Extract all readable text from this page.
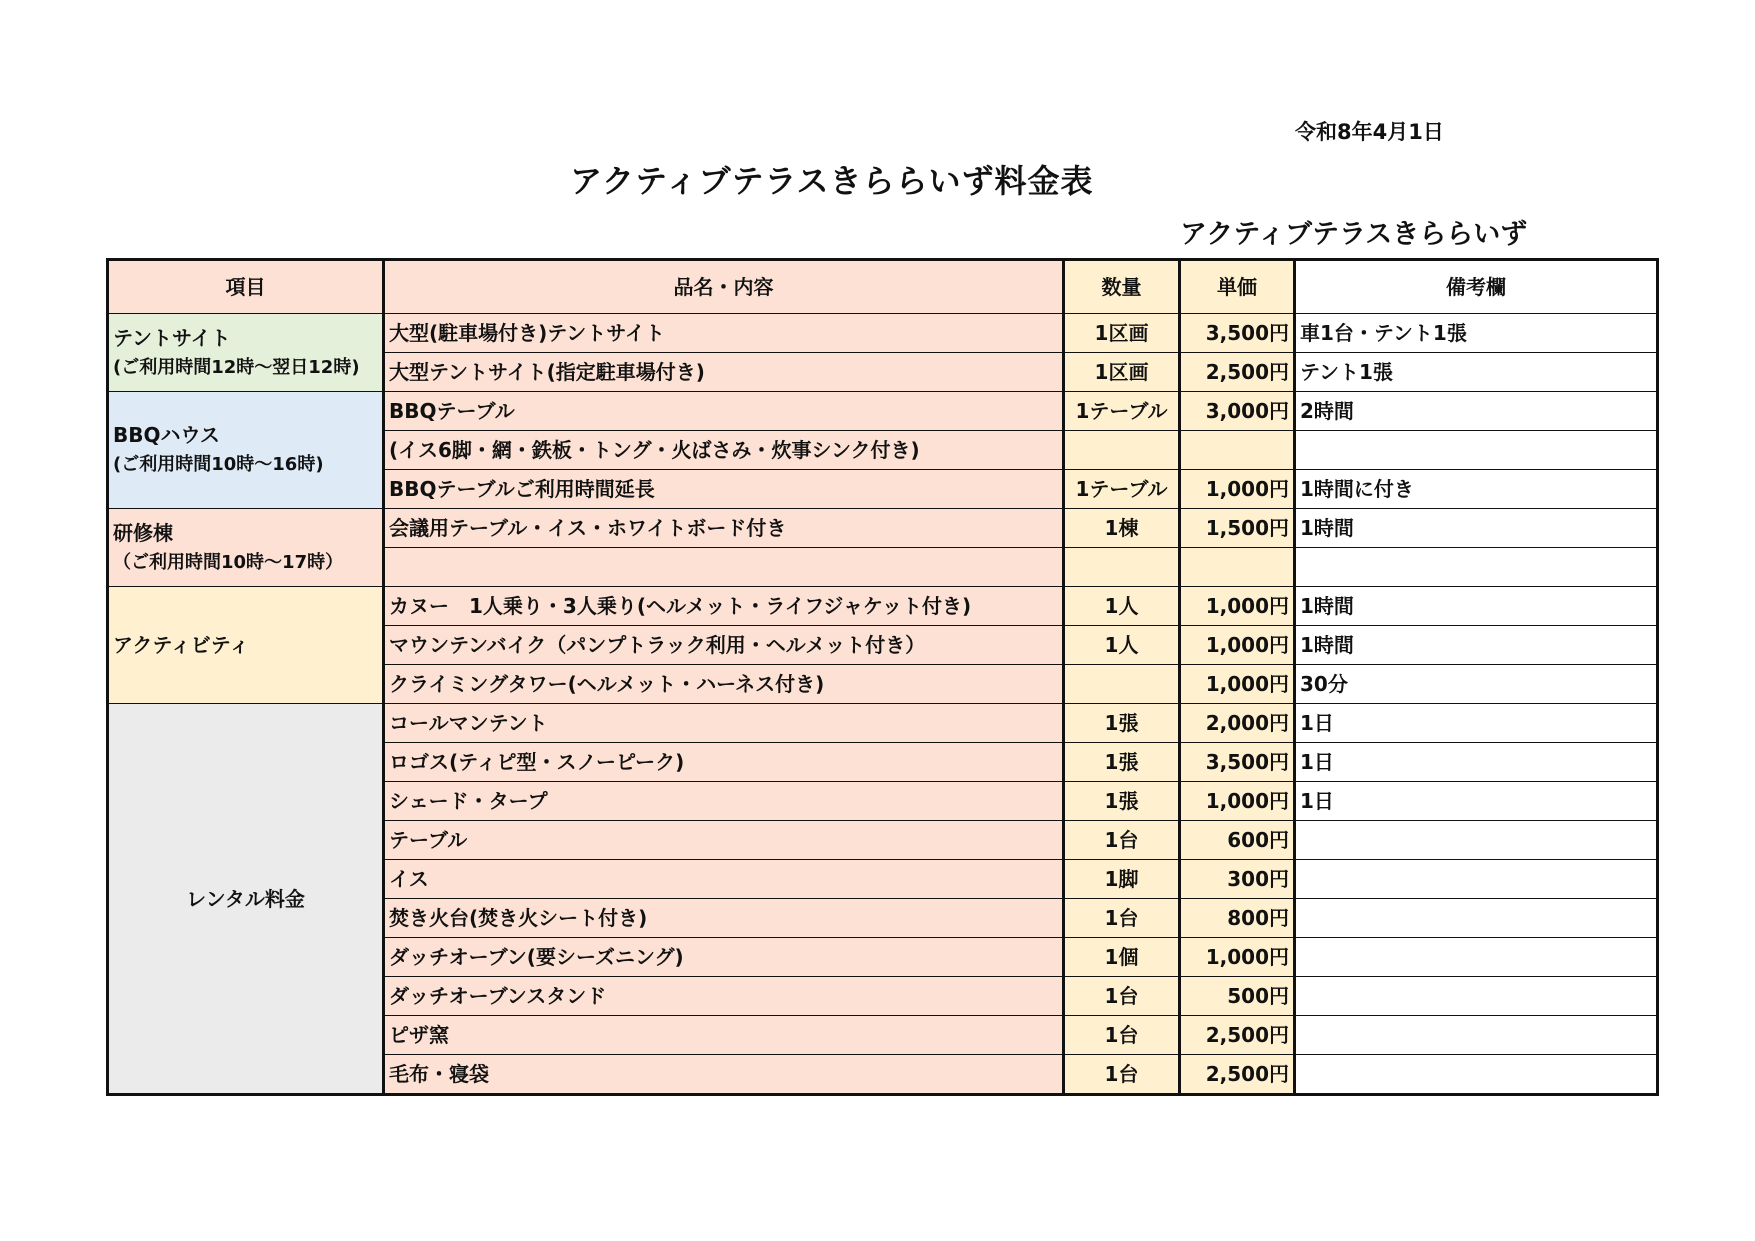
令和8年4月1日
アクティブテラスきららいず料金表
アクティブテラスきららいず
項目	品名・内容	数量	単価	備考欄
テントサイト
(ご利用時間12時～翌日12時)	大型(駐車場付き)テントサイト	1区画	3,500円	車1台・テント1張
	大型テントサイト(指定駐車場付き)	1区画	2,500円	テント1張
BBQハウス
(ご利用時間10時～16時)	BBQテーブル	1テーブル	3,000円	2時間
	(イス6脚・網・鉄板・トング・火ばさみ・炊事シンク付き)			
	BBQテーブルご利用時間延長	1テーブル	1,000円	1時間に付き
研修棟
（ご利用時間10時～17時）	会議用テーブル・イス・ホワイトボード付き	1棟	1,500円	1時間

アクティビティ	カヌー　1人乗り・3人乗り(ヘルメット・ライフジャケット付き)	1人	1,000円	1時間
	マウンテンバイク（パンプトラック利用・ヘルメット付き）	1人	1,000円	1時間
	クライミングタワー(ヘルメット・ハーネス付き)		1,000円	30分
レンタル料金	コールマンテント	1張	2,000円	1日
	ロゴス(ティピ型・スノーピーク)	1張	3,500円	1日
	シェード・タープ	1張	1,000円	1日
	テーブル	1台	600円	
	イス	1脚	300円	
	焚き火台(焚き火シート付き)	1台	800円	
	ダッチオーブン(要シーズニング)	1個	1,000円	
	ダッチオーブンスタンド	1台	500円	
	ピザ窯	1台	2,500円	
	毛布・寝袋	1台	2,500円	
